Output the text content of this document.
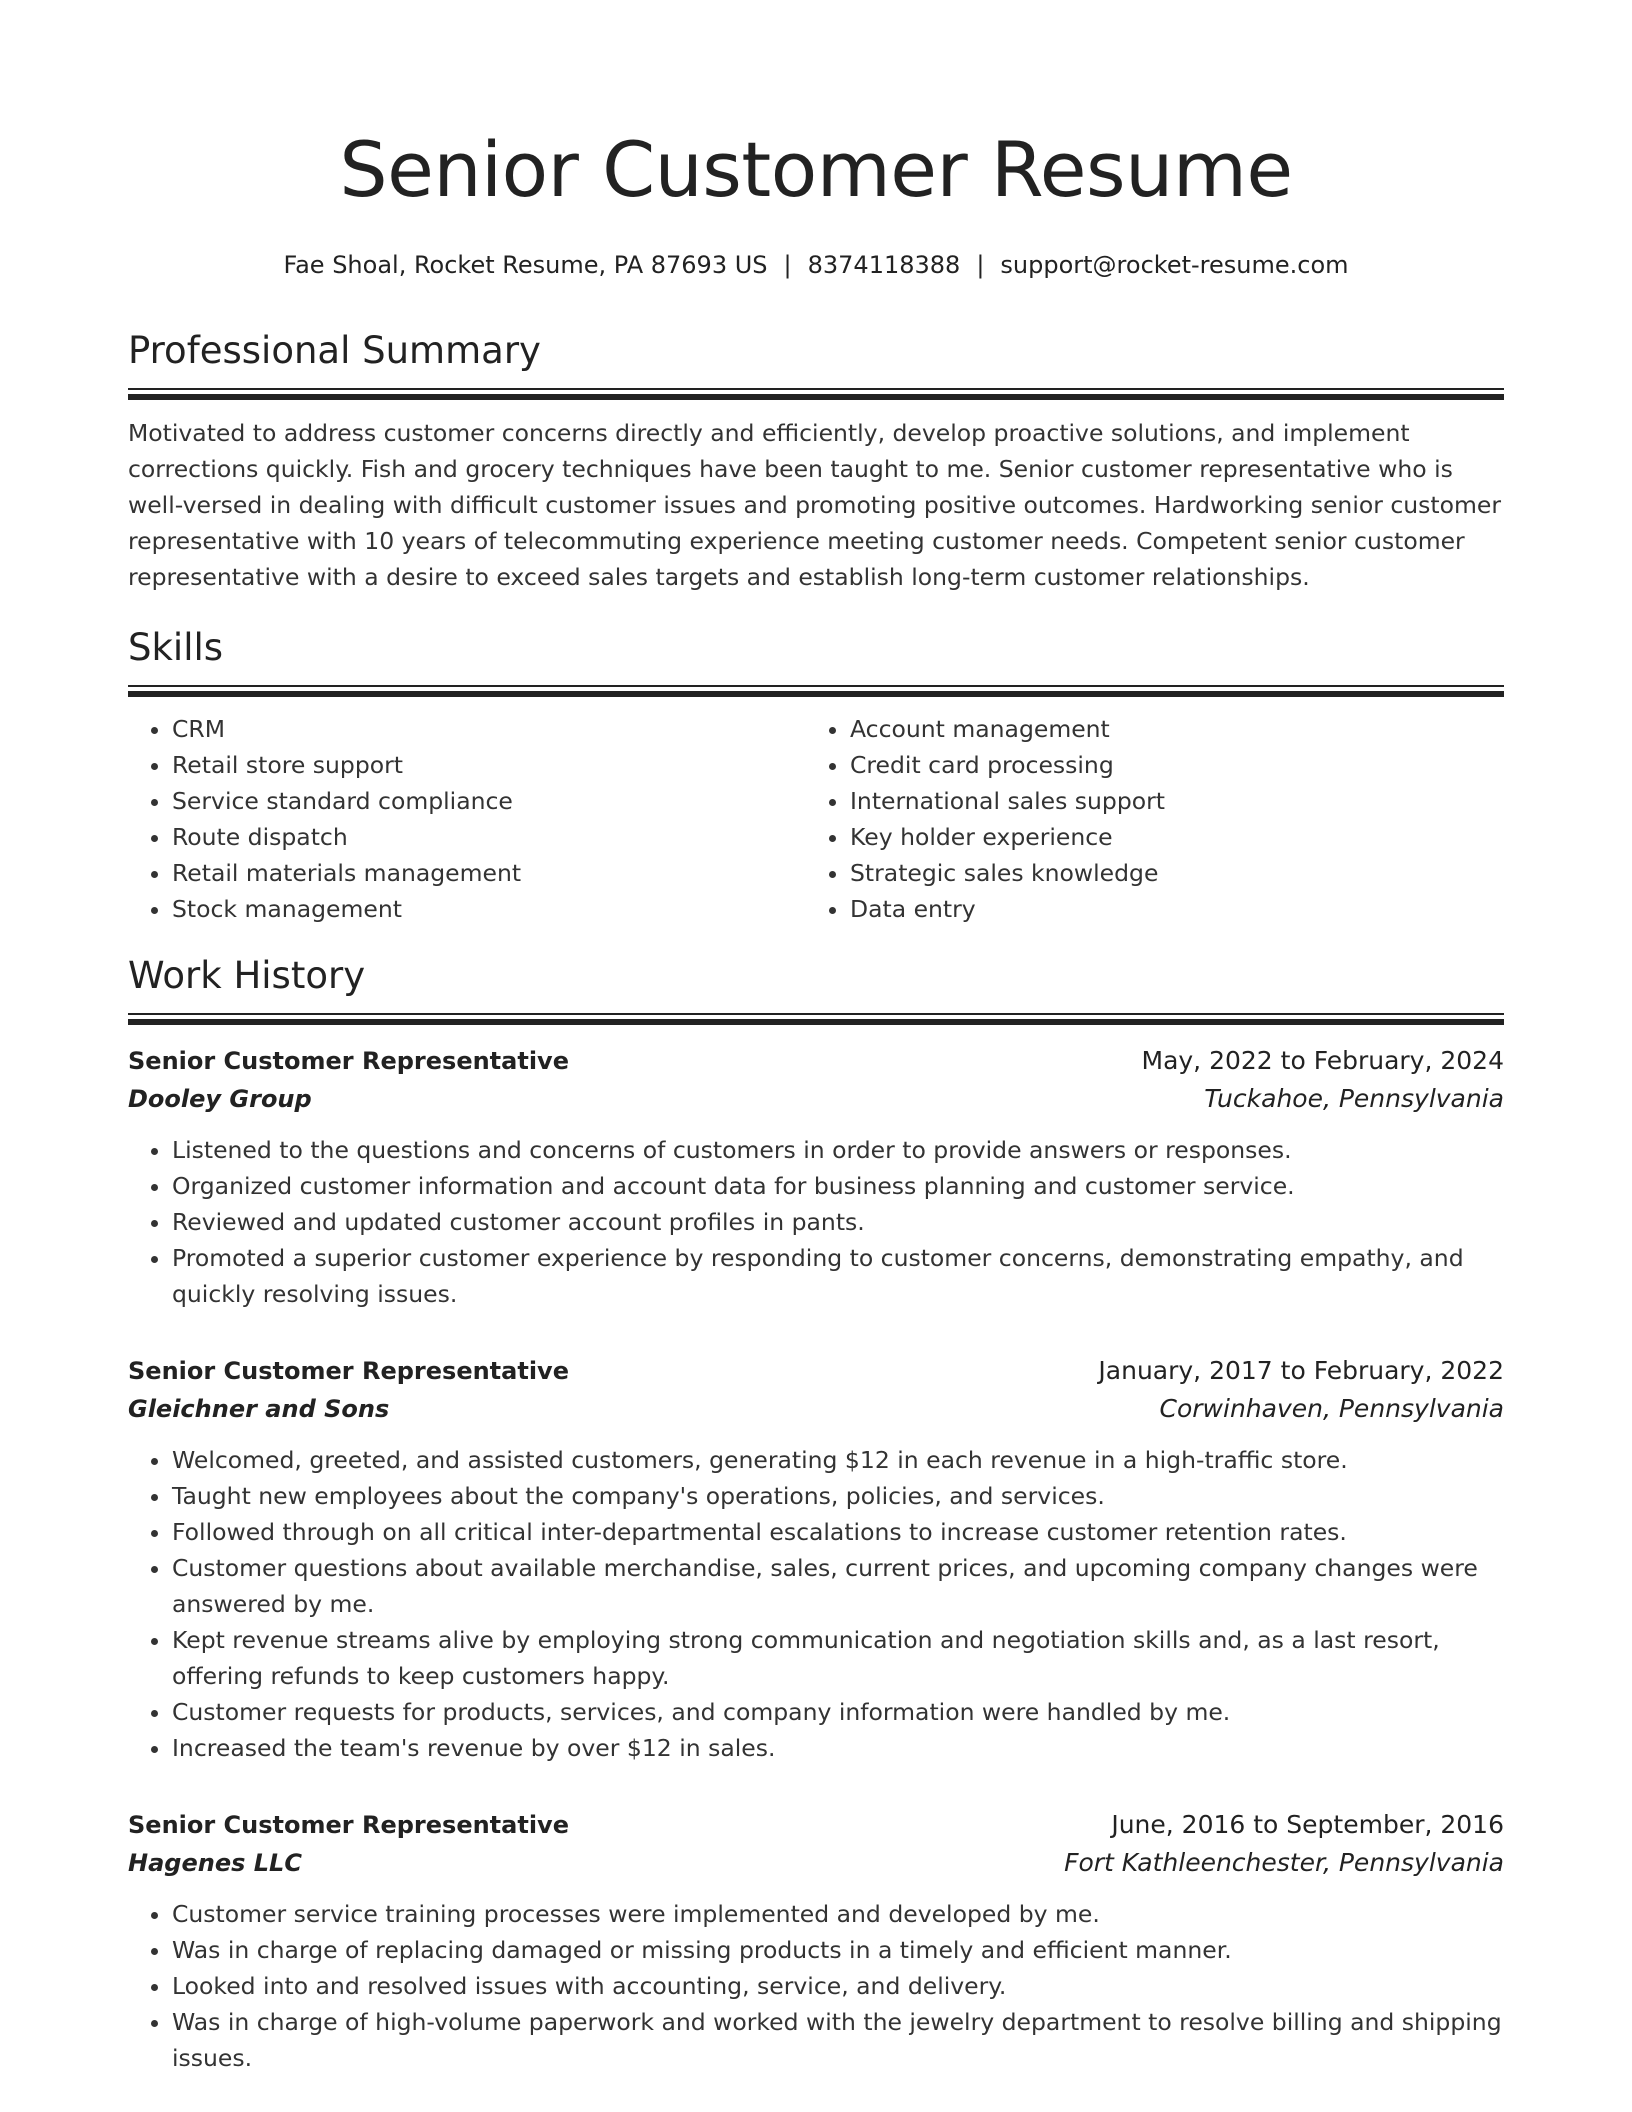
Senior Customer Resume
Fae Shoal, Rocket Resume, PA 87693 US | 8374118388 | support@rocket-resume.com
Professional Summary

Motivated to address customer concerns directly and efficiently, develop proactive solutions, and implement corrections quickly. Fish and grocery techniques have been taught to me. Senior customer representative who is well-versed in dealing with difficult customer issues and promoting positive outcomes. Hardworking senior customer representative with 10 years of telecommuting experience meeting customer needs. Competent senior customer representative with a desire to exceed sales targets and establish long-term customer relationships.

Skills
• CRM
• Retail store support
• Service standard compliance
• Route dispatch
• Retail materials management
• Stock management
• Account management
• Credit card processing
• International sales support
• Key holder experience
• Strategic sales knowledge
• Data entry
Work History
Senior Customer Representative	May, 2022 to February, 2024
Dooley Group	Tuckahoe, Pennsylvania
• Listened to the questions and concerns of customers in order to provide answers or responses.
• Organized customer information and account data for business planning and customer service.
• Reviewed and updated customer account profiles in pants.
• Promoted a superior customer experience by responding to customer concerns, demonstrating empathy, and quickly resolving issues.
Senior Customer Representative	January, 2017 to February, 2022
Gleichner and Sons	Corwinhaven, Pennsylvania
• Welcomed, greeted, and assisted customers, generating $12 in each revenue in a high-traffic store.
• Taught new employees about the company's operations, policies, and services.
• Followed through on all critical inter-departmental escalations to increase customer retention rates.
• Customer questions about available merchandise, sales, current prices, and upcoming company changes were answered by me.
• Kept revenue streams alive by employing strong communication and negotiation skills and, as a last resort, offering refunds to keep customers happy.
• Customer requests for products, services, and company information were handled by me.
• Increased the team's revenue by over $12 in sales.
Senior Customer Representative	June, 2016 to September, 2016
Hagenes LLC	Fort Kathleenchester, Pennsylvania
• Customer service training processes were implemented and developed by me.
• Was in charge of replacing damaged or missing products in a timely and efficient manner.
• Looked into and resolved issues with accounting, service, and delivery.
• Was in charge of high-volume paperwork and worked with the jewelry department to resolve billing and shipping issues.
